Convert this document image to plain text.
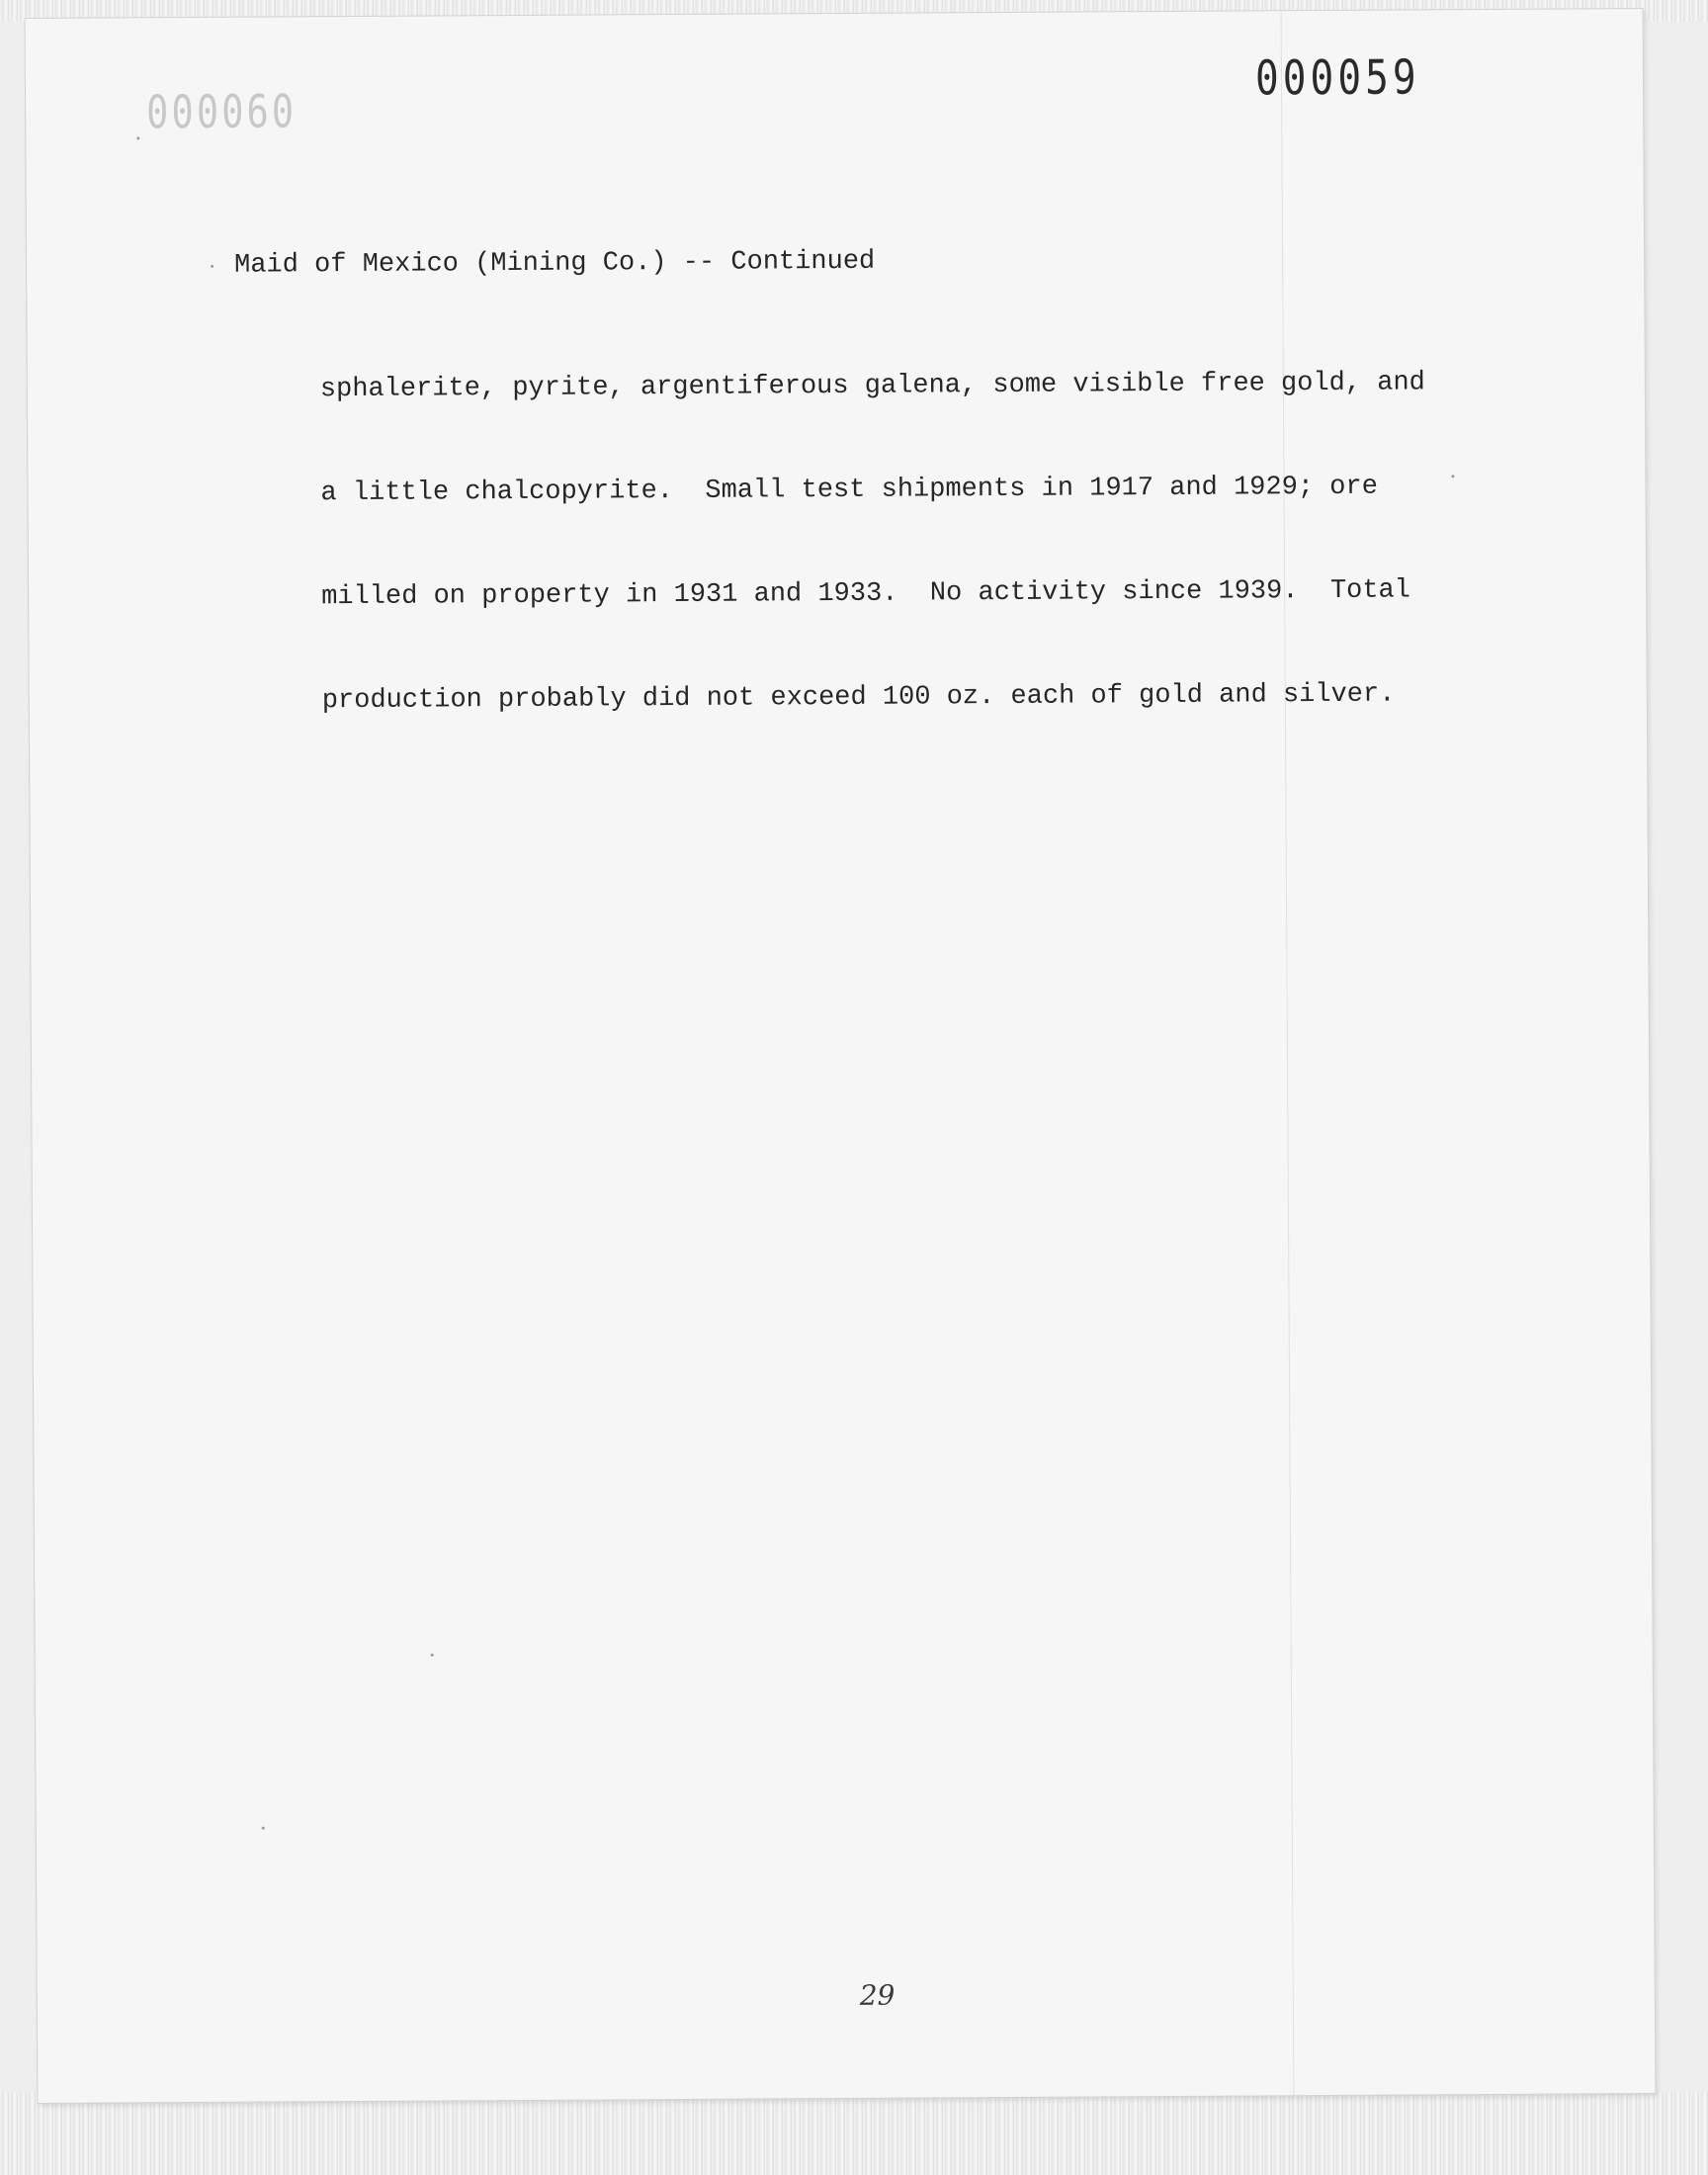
000060
000059
Maid of Mexico (Mining Co.) -- Continued

sphalerite, pyrite, argentiferous galena, some visible free gold, and

a little chalcopyrite.  Small test shipments in 1917 and 1929; ore

milled on property in 1931 and 1933.  No activity since 1939.  Total

production probably did not exceed 100 oz. each of gold and silver.

29
